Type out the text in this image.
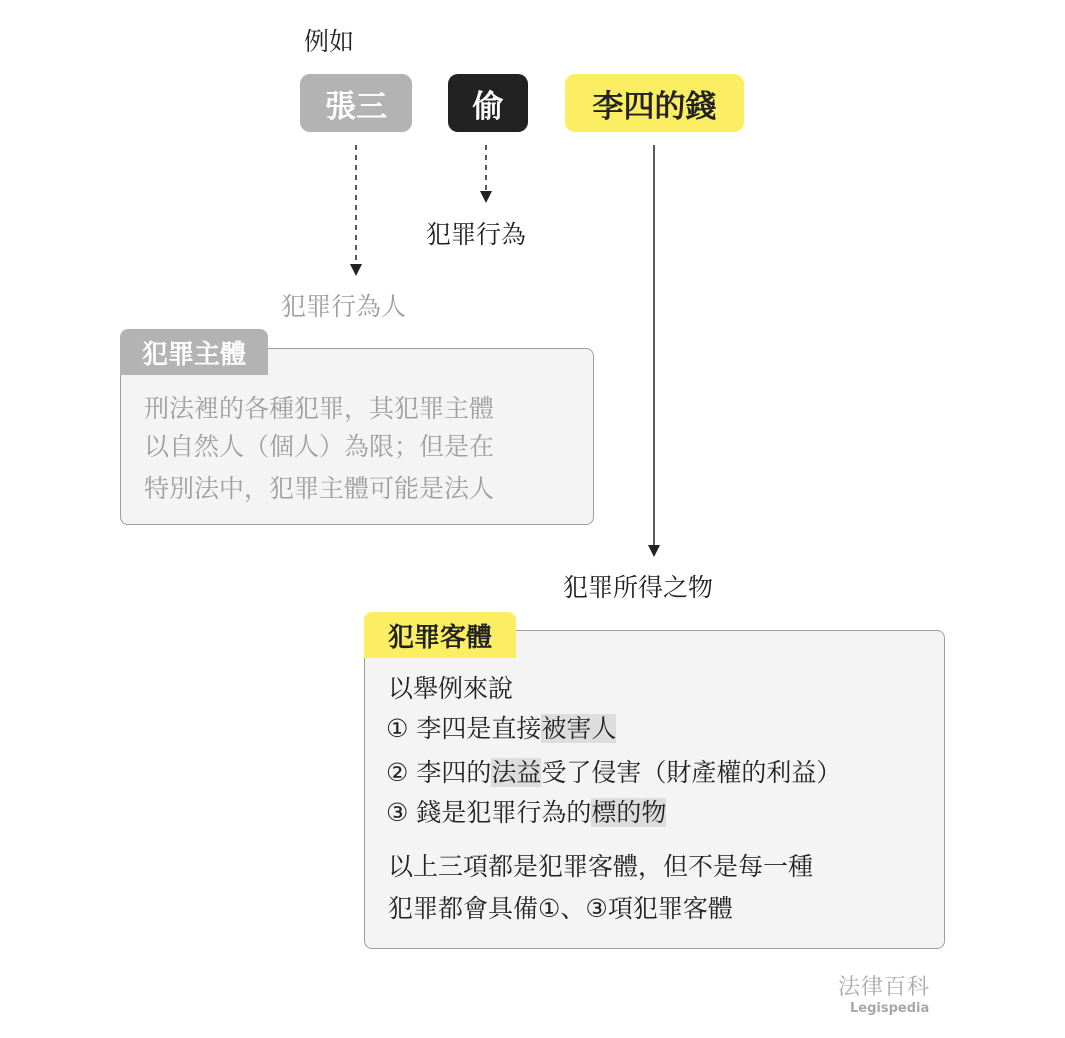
例如
張三	偷	李四的錢
犯罪行為
犯罪行為人
犯罪所得之物
犯罪主體
刑法裡的各種犯罪，其犯罪主體
以自然人（個人）為限；但是在
特別法中，犯罪主體可能是法人
犯罪客體
以舉例來說
① 李四是直接被害人
② 李四的法益受了侵害（財產權的利益）
③ 錢是犯罪行為的標的物
以上三項都是犯罪客體，但不是每一種
犯罪都會具備①、③項犯罪客體
法律百科
Legispedia
